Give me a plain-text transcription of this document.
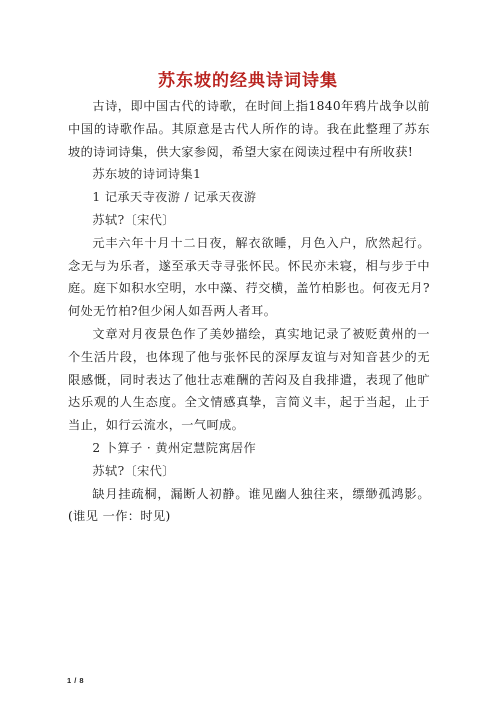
苏东坡的经典诗词诗集

古诗，即中国古代的诗歌，在时间上指1840年鸦片战争以前中国的诗歌作品。其原意是古代人所作的诗。我在此整理了苏东坡的诗词诗集，供大家参阅，希望大家在阅读过程中有所收获!

苏东坡的诗词诗集1

1 记承天寺夜游 / 记承天夜游

苏轼?〔宋代〕

元丰六年十月十二日夜，解衣欲睡，月色入户，欣然起行。念无与为乐者，遂至承天寺寻张怀民。怀民亦未寝，相与步于中庭。庭下如积水空明，水中藻、荇交横，盖竹柏影也。何夜无月?何处无竹柏?但少闲人如吾两人者耳。

文章对月夜景色作了美妙描绘，真实地记录了被贬黄州的一个生活片段，也体现了他与张怀民的深厚友谊与对知音甚少的无限感慨，同时表达了他壮志难酬的苦闷及自我排遣，表现了他旷达乐观的人生态度。全文情感真挚，言简义丰，起于当起，止于当止，如行云流水，一气呵成。

2 卜算子 · 黄州定慧院寓居作

苏轼?〔宋代〕

缺月挂疏桐，漏断人初静。谁见幽人独往来，缥缈孤鸿影。(谁见 一作：时见)

1 / 8
